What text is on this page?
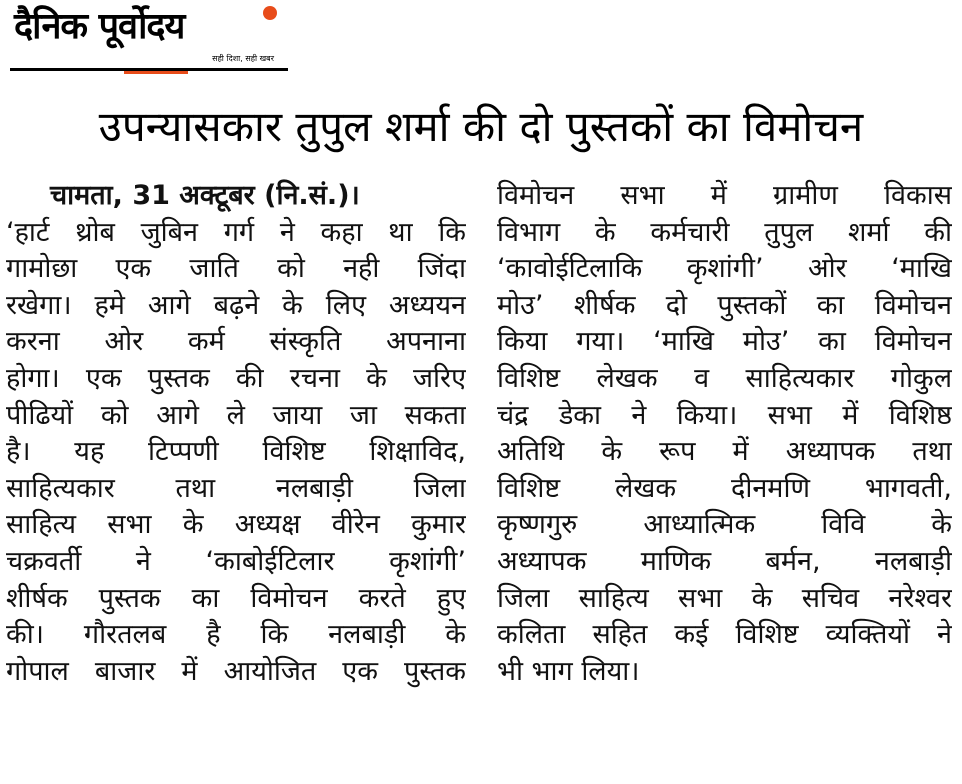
दैनिक पूर्वोदय
सही दिशा, सही खबर
उपन्यासकार तुपुल शर्मा की दो पुस्तकों का विमोचन
चामता, 31 अक्टूबर (नि.सं.)।
‘हार्ट थ्रोब जुबिन गर्ग ने कहा था कि
गामोछा एक जाति को नही जिंदा
रखेगा। हमे आगे बढ़ने के लिए अध्ययन
करना ओर कर्म संस्कृति अपनाना
होगा। एक पुस्तक की रचना के जरिए
पीढियों को आगे ले जाया जा सकता
है। यह टिप्पणी विशिष्ट शिक्षाविद,
साहित्यकार तथा नलबाड़ी जिला
साहित्य सभा के अध्यक्ष वीरेन कुमार
चक्रवर्ती ने ‘काबोईटिलार कृशांगी’
शीर्षक पुस्तक का विमोचन करते हुए
की। गौरतलब है कि नलबाड़ी के
गोपाल बाजार में आयोजित एक पुस्तक
विमोचन सभा में ग्रामीण विकास
विभाग के कर्मचारी तुपुल शर्मा की
‘कावोईटिलाकि कृशांगी’ ओर ‘माखि
मोउ’ शीर्षक दो पुस्तकों का विमोचन
किया गया। ‘माखि मोउ’ का विमोचन
विशिष्ट लेखक व साहित्यकार गोकुल
चंद्र डेका ने किया। सभा में विशिष्ठ
अतिथि के रूप में अध्यापक तथा
विशिष्ट लेखक दीनमणि भागवती,
कृष्णगुरु आध्यात्मिक विवि के
अध्यापक माणिक बर्मन, नलबाड़ी
जिला साहित्य सभा के सचिव नरेश्वर
कलिता सहित कई विशिष्ट व्यक्तियों ने
भी भाग लिया।
